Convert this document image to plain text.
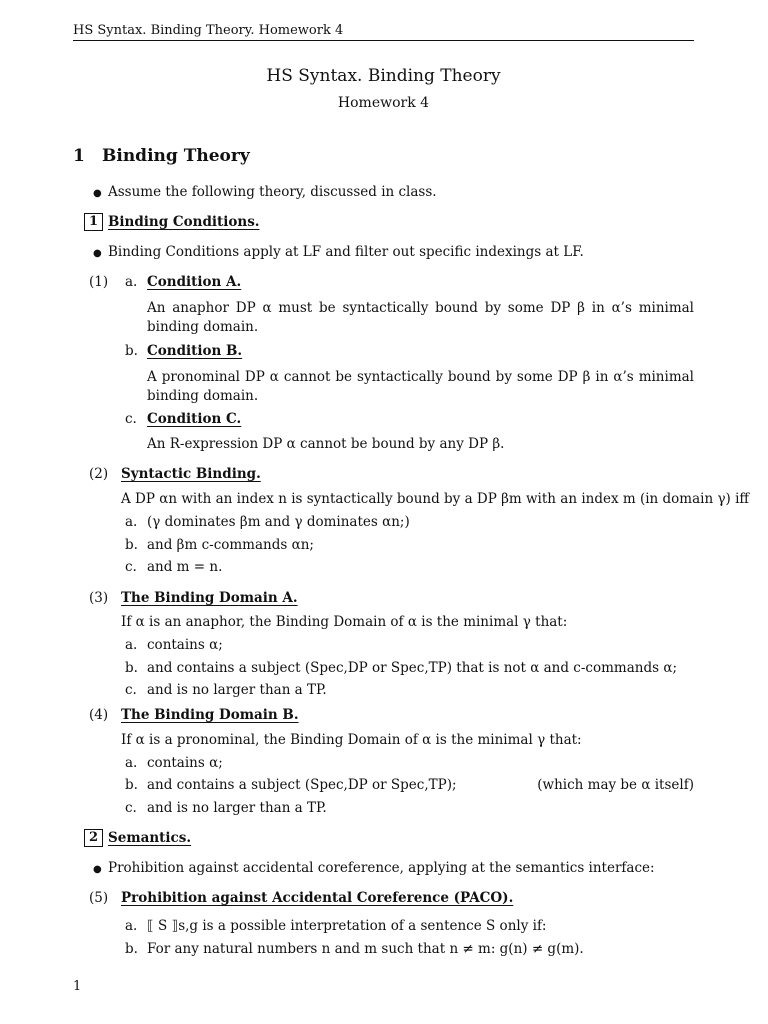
HS Syntax. Binding Theory. Homework 4
HS Syntax. Binding Theory
Homework 4
1 Binding Theory
● Assume the following theory, discussed in class.
1 Binding Conditions.
● Binding Conditions apply at LF and filter out specific indexings at LF.
(1) a. Condition A.
An anaphor DP α must be syntactically bound by some DP β in α’s minimal binding domain.
b. Condition B.
A pronominal DP α cannot be syntactically bound by some DP β in α’s minimal binding domain.
c. Condition C.
An R-expression DP α cannot be bound by any DP β.
(2) Syntactic Binding.
A DP αn with an index n is syntactically bound by a DP βm with an index m (in domain γ) iff
a. (γ dominates βm and γ dominates αn;)
b. and βm c-commands αn;
c. and m = n.
(3) The Binding Domain A.
If α is an anaphor, the Binding Domain of α is the minimal γ that:
a. contains α;
b. and contains a subject (Spec,DP or Spec,TP) that is not α and c-commands α;
c. and is no larger than a TP.
(4) The Binding Domain B.
If α is a pronominal, the Binding Domain of α is the minimal γ that:
a. contains α;
b. and contains a subject (Spec,DP or Spec,TP);	(which may be α itself)
c. and is no larger than a TP.
2 Semantics.
● Prohibition against accidental coreference, applying at the semantics interface:
(5) Prohibition against Accidental Coreference (PACO).
a. ⟦ S ⟧s,g is a possible interpretation of a sentence S only if:
b. For any natural numbers n and m such that n ≠ m: g(n) ≠ g(m).
1
